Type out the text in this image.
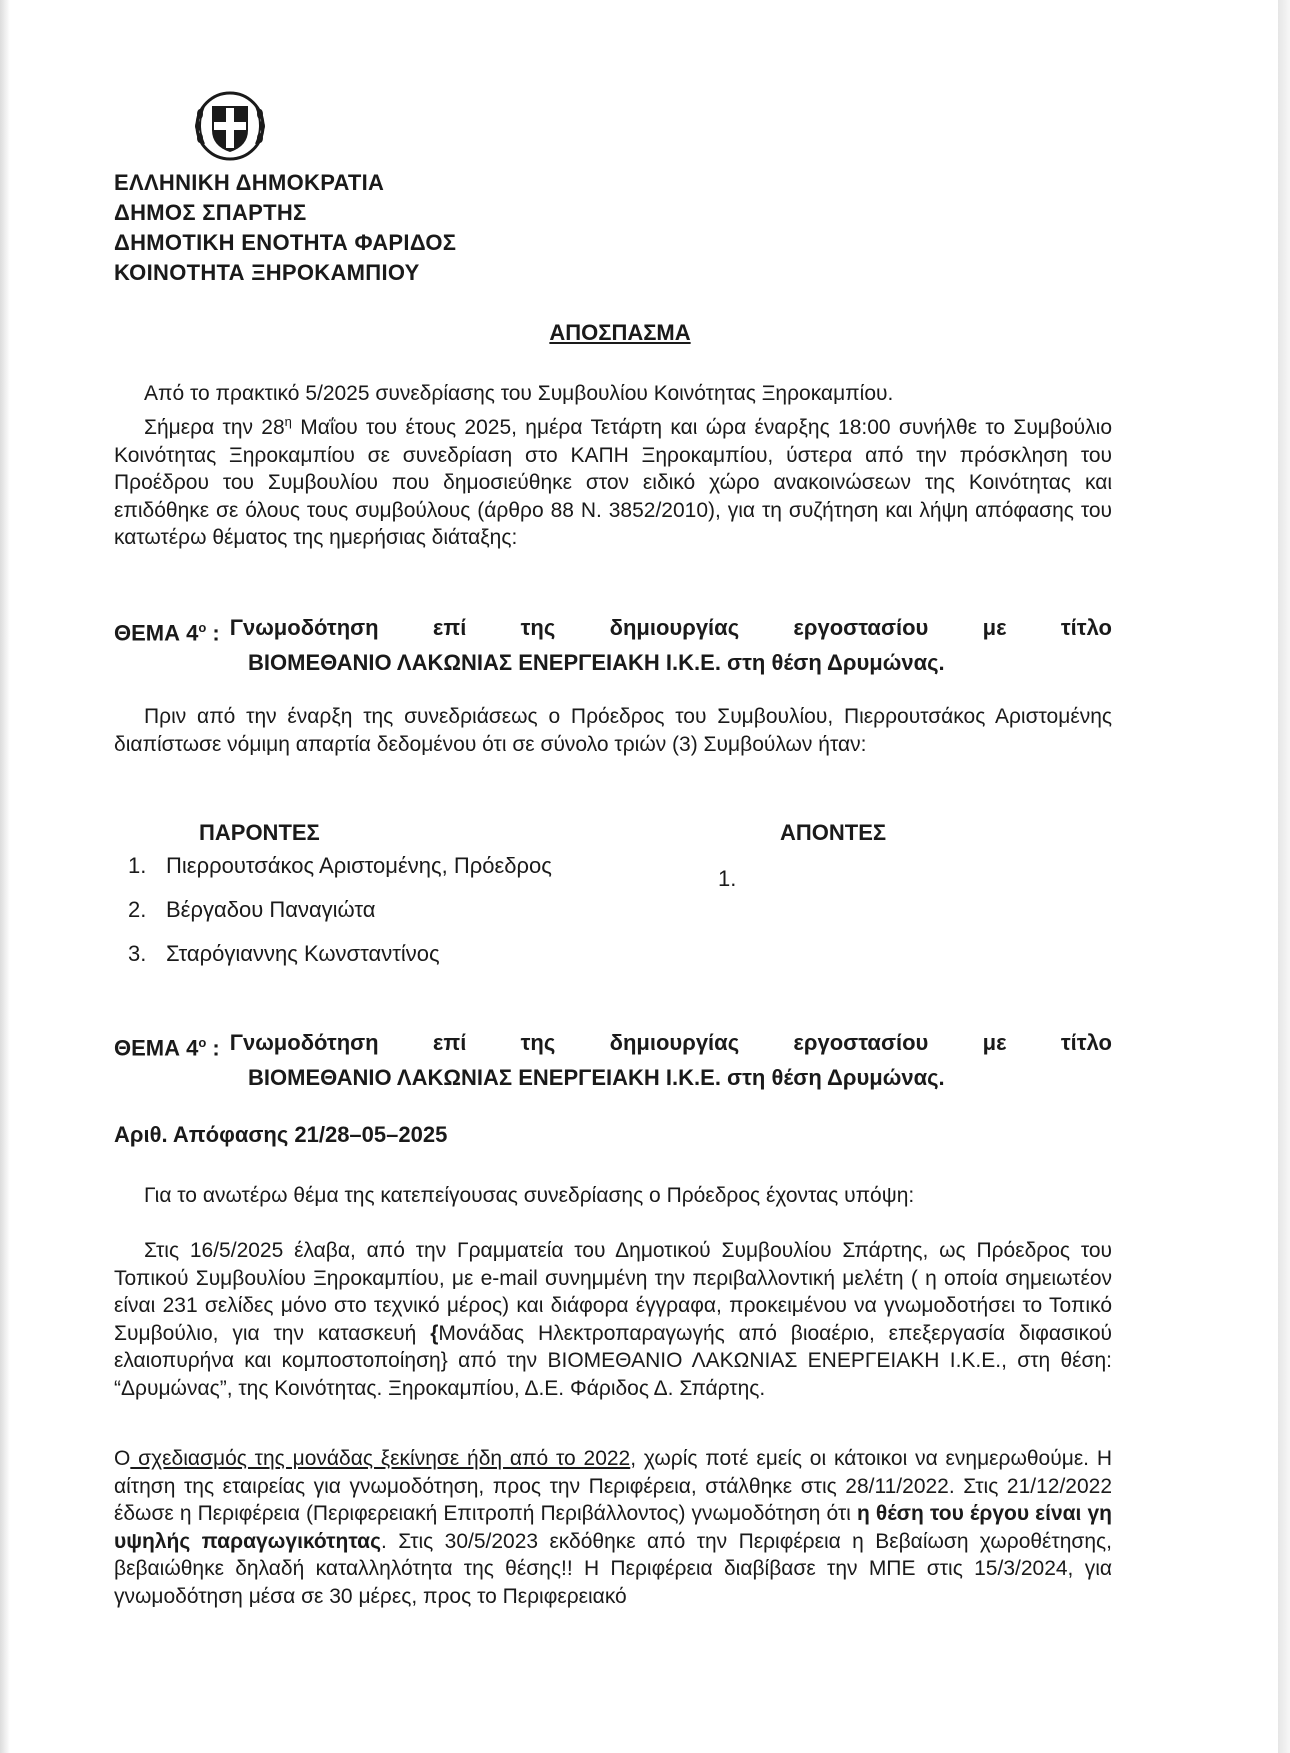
ΕΛΛΗΝΙΚΗ ΔΗΜΟΚΡΑΤΙΑ
ΔΗΜΟΣ ΣΠΑΡΤΗΣ
ΔΗΜΟΤΙΚΗ ΕΝΟΤΗΤΑ ΦΑΡΙΔΟΣ
ΚΟΙΝΟΤΗΤΑ ΞΗΡΟΚΑΜΠΙΟΥ
ΑΠΟΣΠΑΣΜΑ
Από το πρακτικό 5/2025 συνεδρίασης του Συμβουλίου Κοινότητας Ξηροκαμπίου.
Σήμερα την $28^\eta$ Μαΐου του έτους 2025, ημέρα Τετάρτη και ώρα έναρξης 18:00 συνήλθε το Συμβούλιο Κοινότητας Ξηροκαμπίου σε συνεδρίαση στο ΚΑΠΗ Ξηροκαμπίου, ύστερα από την πρόσκληση του Προέδρου του Συμβουλίου που δημοσιεύθηκε στον ειδικό χώρο ανακοινώσεων της Κοινότητας και επιδόθηκε σε όλους τους συμβούλους (άρθρο 88 Ν. 3852/2010), για τη συζήτηση και λήψη απόφασης του κατωτέρω θέματος της ημερήσιας διάταξης:
ΘΕΜΑ $4^o$ : Γνωμοδότηση επί της δημιουργίας εργοστασίου με τίτλο
ΒΙΟΜΕΘΑΝΙΟ ΛΑΚΩΝΙΑΣ ΕΝΕΡΓΕΙΑΚΗ Ι.Κ.Ε. στη θέση Δρυμώνας.
Πριν από την έναρξη της συνεδριάσεως ο Πρόεδρος του Συμβουλίου, Πιερρουτσάκος Αριστομένης διαπίστωσε νόμιμη απαρτία δεδομένου ότι σε σύνολο τριών (3) Συμβούλων ήταν:
ΠΑΡΟΝΤΕΣ	ΑΠΟΝΤΕΣ
1. Πιερρουτσάκος Αριστομένης, Πρόεδρος
2. Βέργαδου Παναγιώτα
3. Σταρόγιαννης Κωνσταντίνος
1.
ΘΕΜΑ $4^o$ : Γνωμοδότηση επί της δημιουργίας εργοστασίου με τίτλο
ΒΙΟΜΕΘΑΝΙΟ ΛΑΚΩΝΙΑΣ ΕΝΕΡΓΕΙΑΚΗ Ι.Κ.Ε. στη θέση Δρυμώνας.
Αριθ. Απόφασης 21/28–05–2025
Για το ανωτέρω θέμα της κατεπείγουσας συνεδρίασης ο Πρόεδρος έχοντας υπόψη:
Στις 16/5/2025 έλαβα, από την Γραμματεία του Δημοτικού Συμβουλίου Σπάρτης, ως Πρόεδρος του Τοπικού Συμβουλίου Ξηροκαμπίου, με e-mail συνημμένη την περιβαλλοντική μελέτη ( η οποία σημειωτέον είναι 231 σελίδες μόνο στο τεχνικό μέρος) και διάφορα έγγραφα, προκειμένου να γνωμοδοτήσει το Τοπικό Συμβούλιο, για την κατασκευή {Μονάδας Ηλεκτροπαραγωγής από βιοαέριο, επεξεργασία διφασικού ελαιοπυρήνα και κομποστοποίηση} από την ΒΙΟΜΕΘΑΝΙΟ ΛΑΚΩΝΙΑΣ ΕΝΕΡΓΕΙΑΚΗ Ι.Κ.Ε., στη θέση: “Δρυμώνας”, της Κοινότητας. Ξηροκαμπίου, Δ.Ε. Φάριδος Δ. Σπάρτης.
Ο σχεδιασμός της μονάδας ξεκίνησε ήδη από το 2022, χωρίς ποτέ εμείς οι κάτοικοι να ενημερωθούμε. Η αίτηση της εταιρείας για γνωμοδότηση, προς την Περιφέρεια, στάλθηκε στις 28/11/2022. Στις 21/12/2022 έδωσε η Περιφέρεια (Περιφερειακή Επιτροπή Περιβάλλοντος) γνωμοδότηση ότι η θέση του έργου είναι γη υψηλής παραγωγικότητας. Στις 30/5/2023 εκδόθηκε από την Περιφέρεια η Βεβαίωση χωροθέτησης, βεβαιώθηκε δηλαδή καταλληλότητα της θέσης!! Η Περιφέρεια διαβίβασε την ΜΠΕ στις 15/3/2024, για γνωμοδότηση μέσα σε 30 μέρες, προς το Περιφερειακό
